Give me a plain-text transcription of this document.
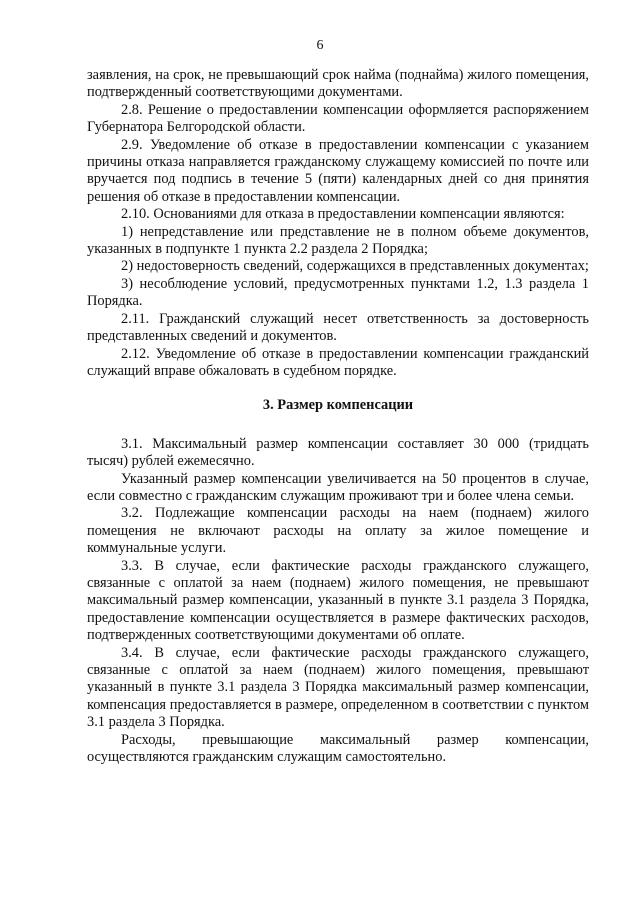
6

заявления, на срок, не превышающий срок найма (поднайма) жилого помещения, подтвержденный соответствующими документами.

2.8. Решение о предоставлении компенсации оформляется распоряжением Губернатора Белгородской области.

2.9. Уведомление об отказе в предоставлении компенсации с указанием причины отказа направляется гражданскому служащему комиссией по почте или вручается под подпись в течение 5 (пяти) календарных дней со дня принятия решения об отказе в предоставлении компенсации.

2.10. Основаниями для отказа в предоставлении компенсации являются:

1) непредставление или представление не в полном объеме документов, указанных в подпункте 1 пункта 2.2 раздела 2 Порядка;

2) недостоверность сведений, содержащихся в представленных документах;

3) несоблюдение условий, предусмотренных пунктами 1.2, 1.3 раздела 1 Порядка.

2.11. Гражданский служащий несет ответственность за достоверность представленных сведений и документов.

2.12. Уведомление об отказе в предоставлении компенсации гражданский служащий вправе обжаловать в судебном порядке.

3. Размер компенсации

3.1. Максимальный размер компенсации составляет 30 000 (тридцать тысяч) рублей ежемесячно.

Указанный размер компенсации увеличивается на 50 процентов в случае, если совместно с гражданским служащим проживают три и более члена семьи.

3.2. Подлежащие компенсации расходы на наем (поднаем) жилого помещения не включают расходы на оплату за жилое помещение и коммунальные услуги.

3.3. В случае, если фактические расходы гражданского служащего, связанные с оплатой за наем (поднаем) жилого помещения, не превышают максимальный размер компенсации, указанный в пункте 3.1 раздела 3 Порядка, предоставление компенсации осуществляется в размере фактических расходов, подтвержденных соответствующими документами об оплате.

3.4. В случае, если фактические расходы гражданского служащего, связанные с оплатой за наем (поднаем) жилого помещения, превышают указанный в пункте 3.1 раздела 3 Порядка максимальный размер компенсации, компенсация предоставляется в размере, определенном в соответствии с пунктом 3.1 раздела 3 Порядка.

Расходы, превышающие максимальный размер компенсации, осуществляются гражданским служащим самостоятельно.
